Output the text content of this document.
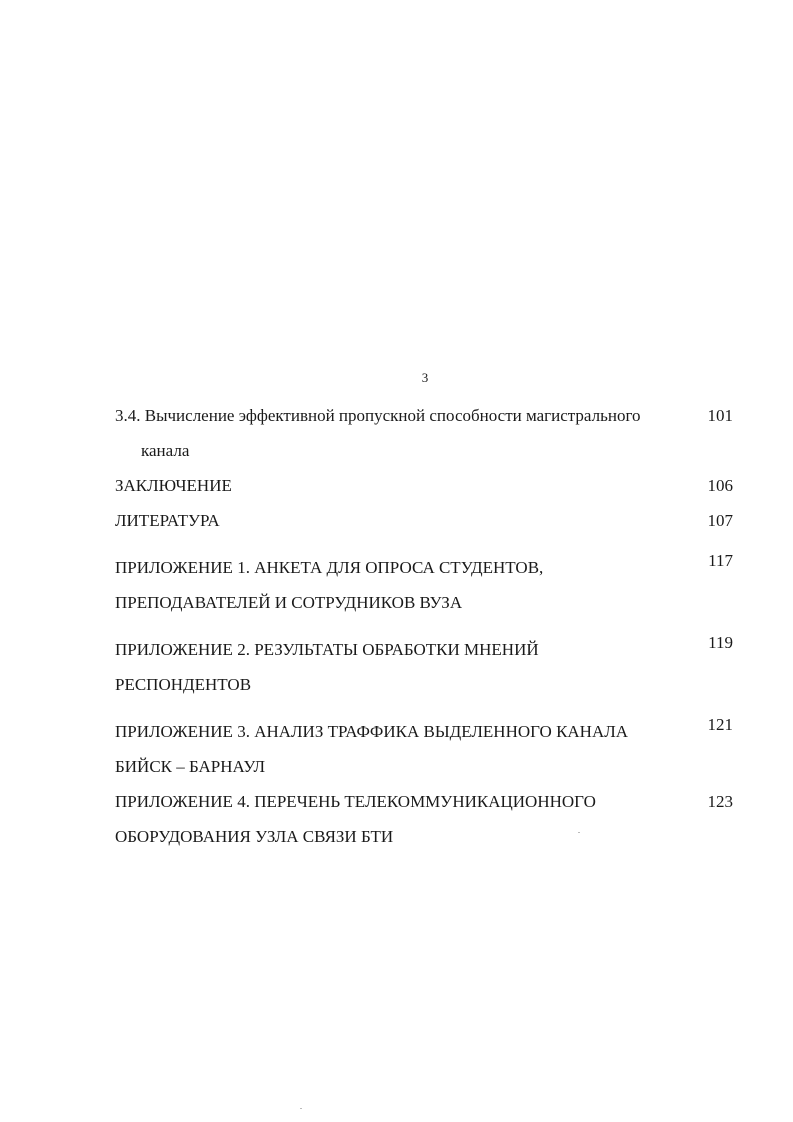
3
3.4. Вычисление эффективной пропускной способности магистрального
канала
101
ЗАКЛЮЧЕНИЕ	106
ЛИТЕРАТУРА	107
ПРИЛОЖЕНИЕ 1. АНКЕТА ДЛЯ ОПРОСА СТУДЕНТОВ,
ПРЕПОДАВАТЕЛЕЙ И СОТРУДНИКОВ ВУЗА
117
ПРИЛОЖЕНИЕ 2. РЕЗУЛЬТАТЫ ОБРАБОТКИ МНЕНИЙ
РЕСПОНДЕНТОВ
119
ПРИЛОЖЕНИЕ 3. АНАЛИЗ ТРАФФИКА ВЫДЕЛЕННОГО КАНАЛА
БИЙСК – БАРНАУЛ
121
ПРИЛОЖЕНИЕ 4. ПЕРЕЧЕНЬ ТЕЛЕКОММУНИКАЦИОННОГО
ОБОРУДОВАНИЯ УЗЛА СВЯЗИ БТИ
123
